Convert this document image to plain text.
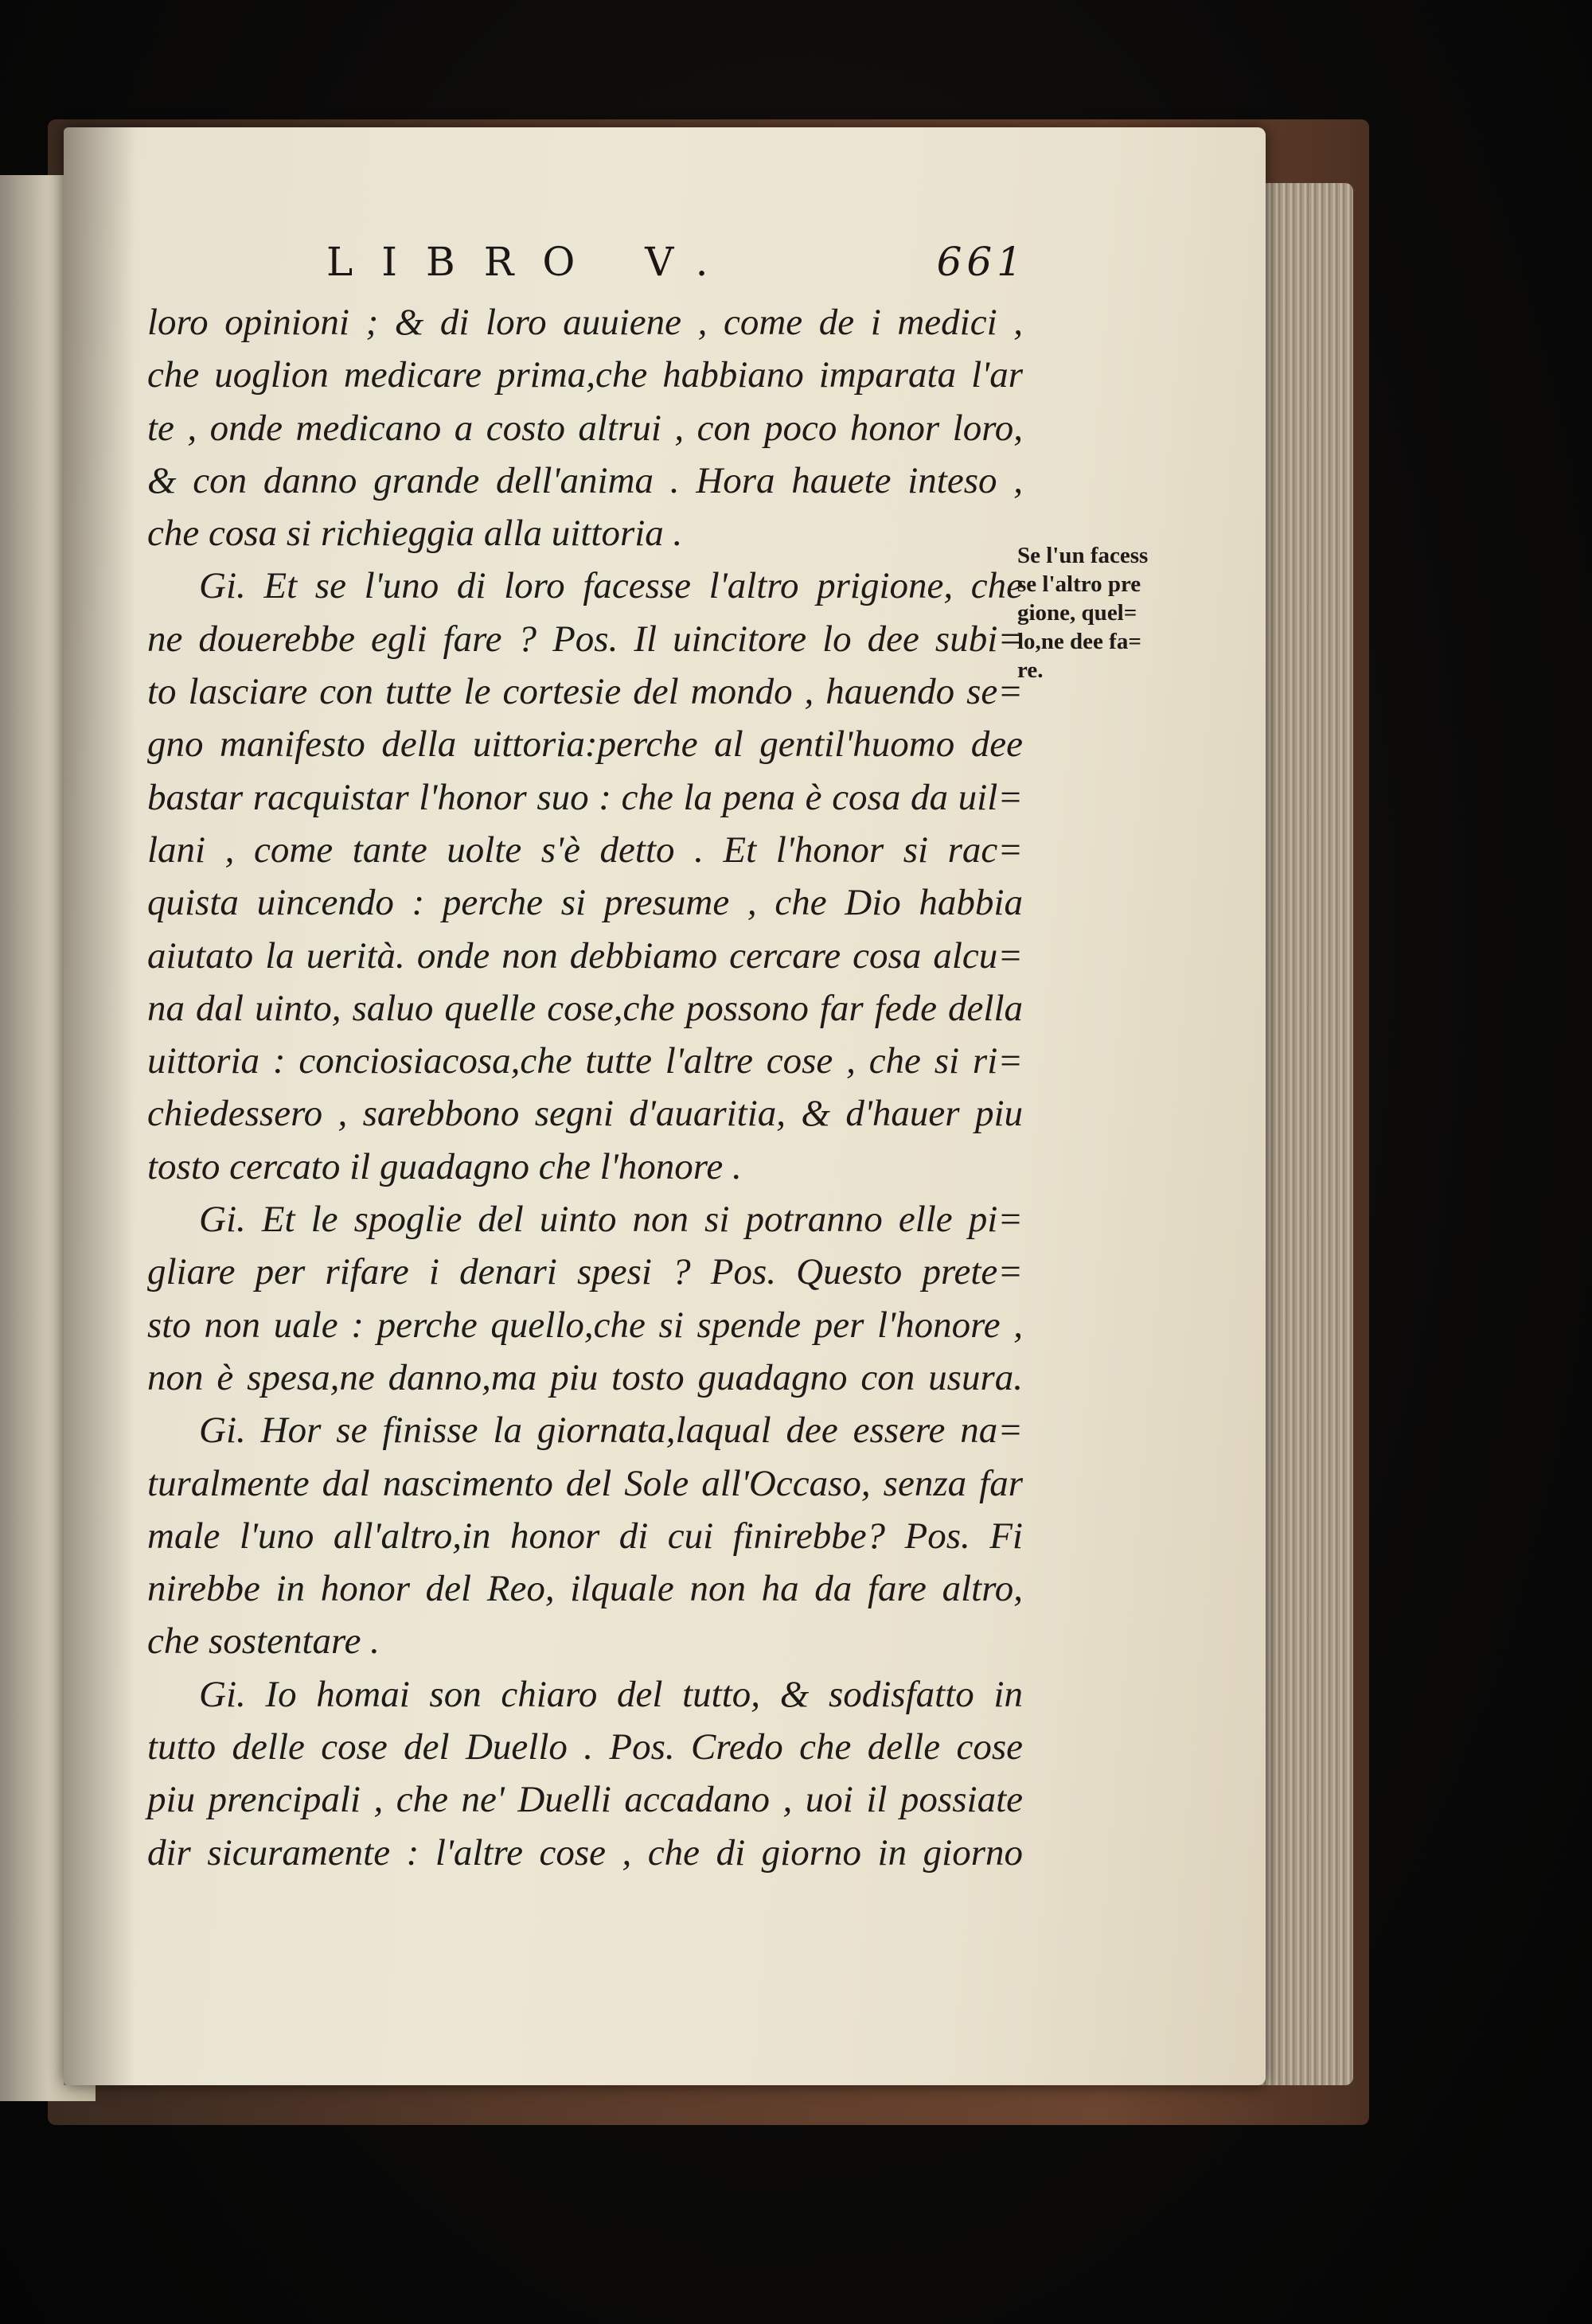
LIBRO V.	661
loro opinioni ; & di loro auuiene , come de i medici ,
che uoglion medicare prima,che habbiano imparata l'ar
te , onde medicano a costo altrui , con poco honor loro,
& con danno grande dell'anima . Hora hauete inteso ,
che cosa si richieggia alla uittoria .
Gi. Et se l'uno di loro facesse l'altro prigione, che
ne douerebbe egli fare ? Pos. Il uincitore lo dee subi=
to lasciare con tutte le cortesie del mondo , hauendo se=
gno manifesto della uittoria:perche al gentil'huomo dee
bastar racquistar l'honor suo : che la pena è cosa da uil=
lani , come tante uolte s'è detto . Et l'honor si rac=
quista uincendo : perche si presume , che Dio habbia
aiutato la uerità. onde non debbiamo cercare cosa alcu=
na dal uinto, saluo quelle cose,che possono far fede della
uittoria : conciosiacosa,che tutte l'altre cose , che si ri=
chiedessero , sarebbono segni d'auaritia, & d'hauer piu
tosto cercato il guadagno che l'honore .
Gi. Et le spoglie del uinto non si potranno elle pi=
gliare per rifare i denari spesi ? Pos. Questo prete=
sto non uale : perche quello,che si spende per l'honore ,
non è spesa,ne danno,ma piu tosto guadagno con usura.
Gi. Hor se finisse la giornata,laqual dee essere na=
turalmente dal nascimento del Sole all'Occaso, senza far
male l'uno all'altro,in honor di cui finirebbe? Pos. Fi
nirebbe in honor del Reo, ilquale non ha da fare altro,
che sostentare .
Gi. Io homai son chiaro del tutto, & sodisfatto in
tutto delle cose del Duello . Pos. Credo che delle cose
piu prencipali , che ne' Duelli accadano , uoi il possiate
dir sicuramente : l'altre cose , che di giorno in giorno
Se l'un facess
se l'altro pre
gione, quel=
lo,ne dee fa=
re.
